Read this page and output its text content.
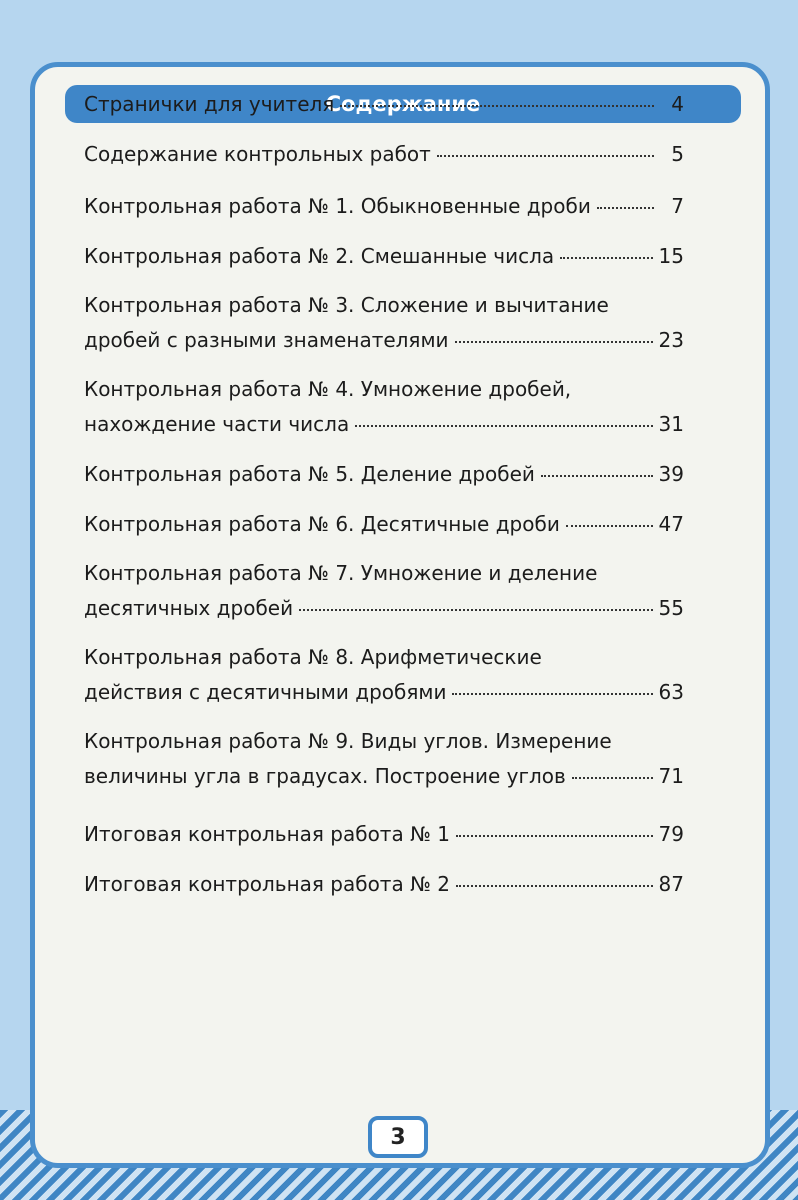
Содержание
Странички для учителя	4
Содержание контрольных работ	5
Контрольная работа № 1. Обыкновенные дроби	7
Контрольная работа № 2. Смешанные числа	15
Контрольная работа № 3. Сложение и вычитание
дробей с разными знаменателями	23
Контрольная работа № 4. Умножение дробей,
нахождение части числа	31
Контрольная работа № 5. Деление дробей	39
Контрольная работа № 6. Десятичные дроби	47
Контрольная работа № 7. Умножение и деление
десятичных дробей	55
Контрольная работа № 8. Арифметические
действия с десятичными дробями	63
Контрольная работа № 9. Виды углов. Измерение
величины угла в градусах. Построение углов	71
Итоговая контрольная работа № 1	79
Итоговая контрольная работа № 2	87
3
